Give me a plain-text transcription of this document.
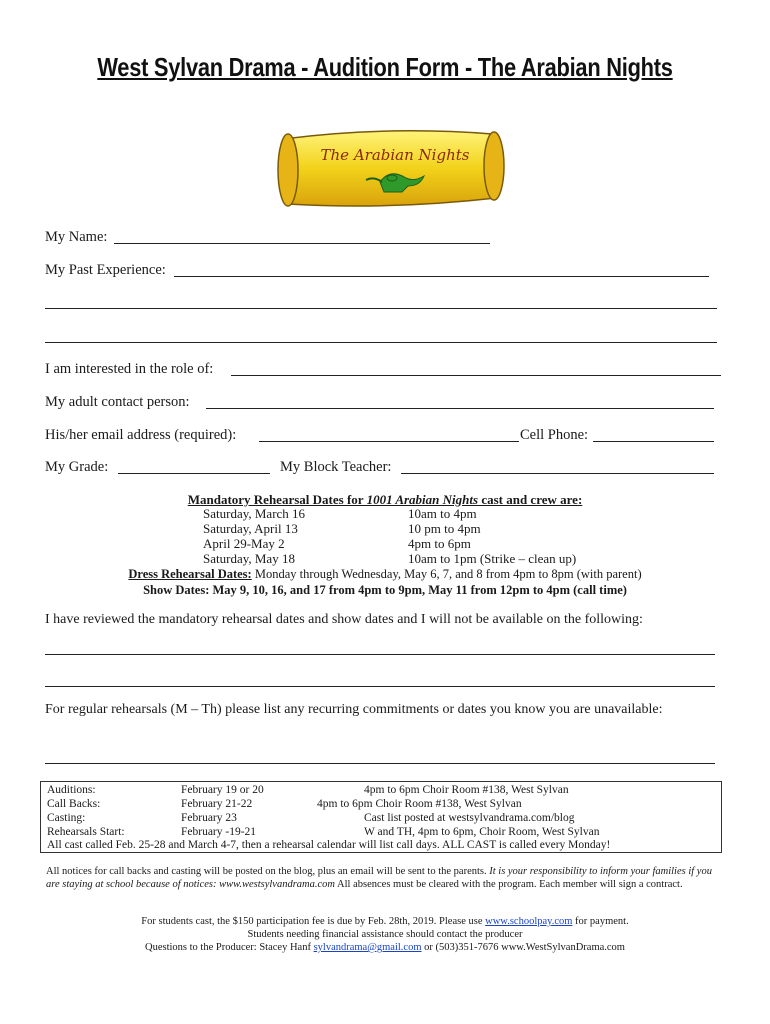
West Sylvan Drama - Audition Form - The Arabian Nights
The Arabian Nights
My Name:
My Past Experience:
I am interested in the role of:
My adult contact person:
His/her email address (required):	Cell Phone:
My Grade:	My Block Teacher:
Mandatory Rehearsal Dates for 1001 Arabian Nights cast and crew are:
Saturday, March 16	10am to 4pm
Saturday, April 13	10 pm to 4pm
April 29-May 2	4pm to 6pm
Saturday, May 18	10am to 1pm (Strike – clean up)
Dress Rehearsal Dates: Monday through Wednesday, May 6, 7, and 8 from 4pm to 8pm (with parent)
Show Dates: May 9, 10, 16, and 17 from 4pm to 9pm, May 11 from 12pm to 4pm (call time)
I have reviewed the mandatory rehearsal dates and show dates and I will not be available on the following:
For regular rehearsals (M – Th) please list any recurring commitments or dates you know you are unavailable:
Auditions:	February 19 or 20	4pm to 6pm Choir Room #138, West Sylvan
Call Backs:	February 21-22	4pm to 6pm Choir Room #138, West Sylvan
Casting:	February 23	Cast list posted at westsylvandrama.com/blog
Rehearsals Start:	February -19-21	W and TH, 4pm to 6pm, Choir Room, West Sylvan
All cast called Feb. 25-28 and March 4-7, then a rehearsal calendar will list call days. ALL CAST is called every Monday!
All notices for call backs and casting will be posted on the blog, plus an email will be sent to the parents. It is your responsibility to inform your families if you are staying at school because of notices: www.westsylvandrama.com All absences must be cleared with the program. Each member will sign a contract.
For students cast, the $150 participation fee is due by Feb. 28th, 2019. Please use www.schoolpay.com for payment.
Students needing financial assistance should contact the producer
Questions to the Producer: Stacey Hanf sylvandrama@gmail.com or (503)351-7676 www.WestSylvanDrama.com
